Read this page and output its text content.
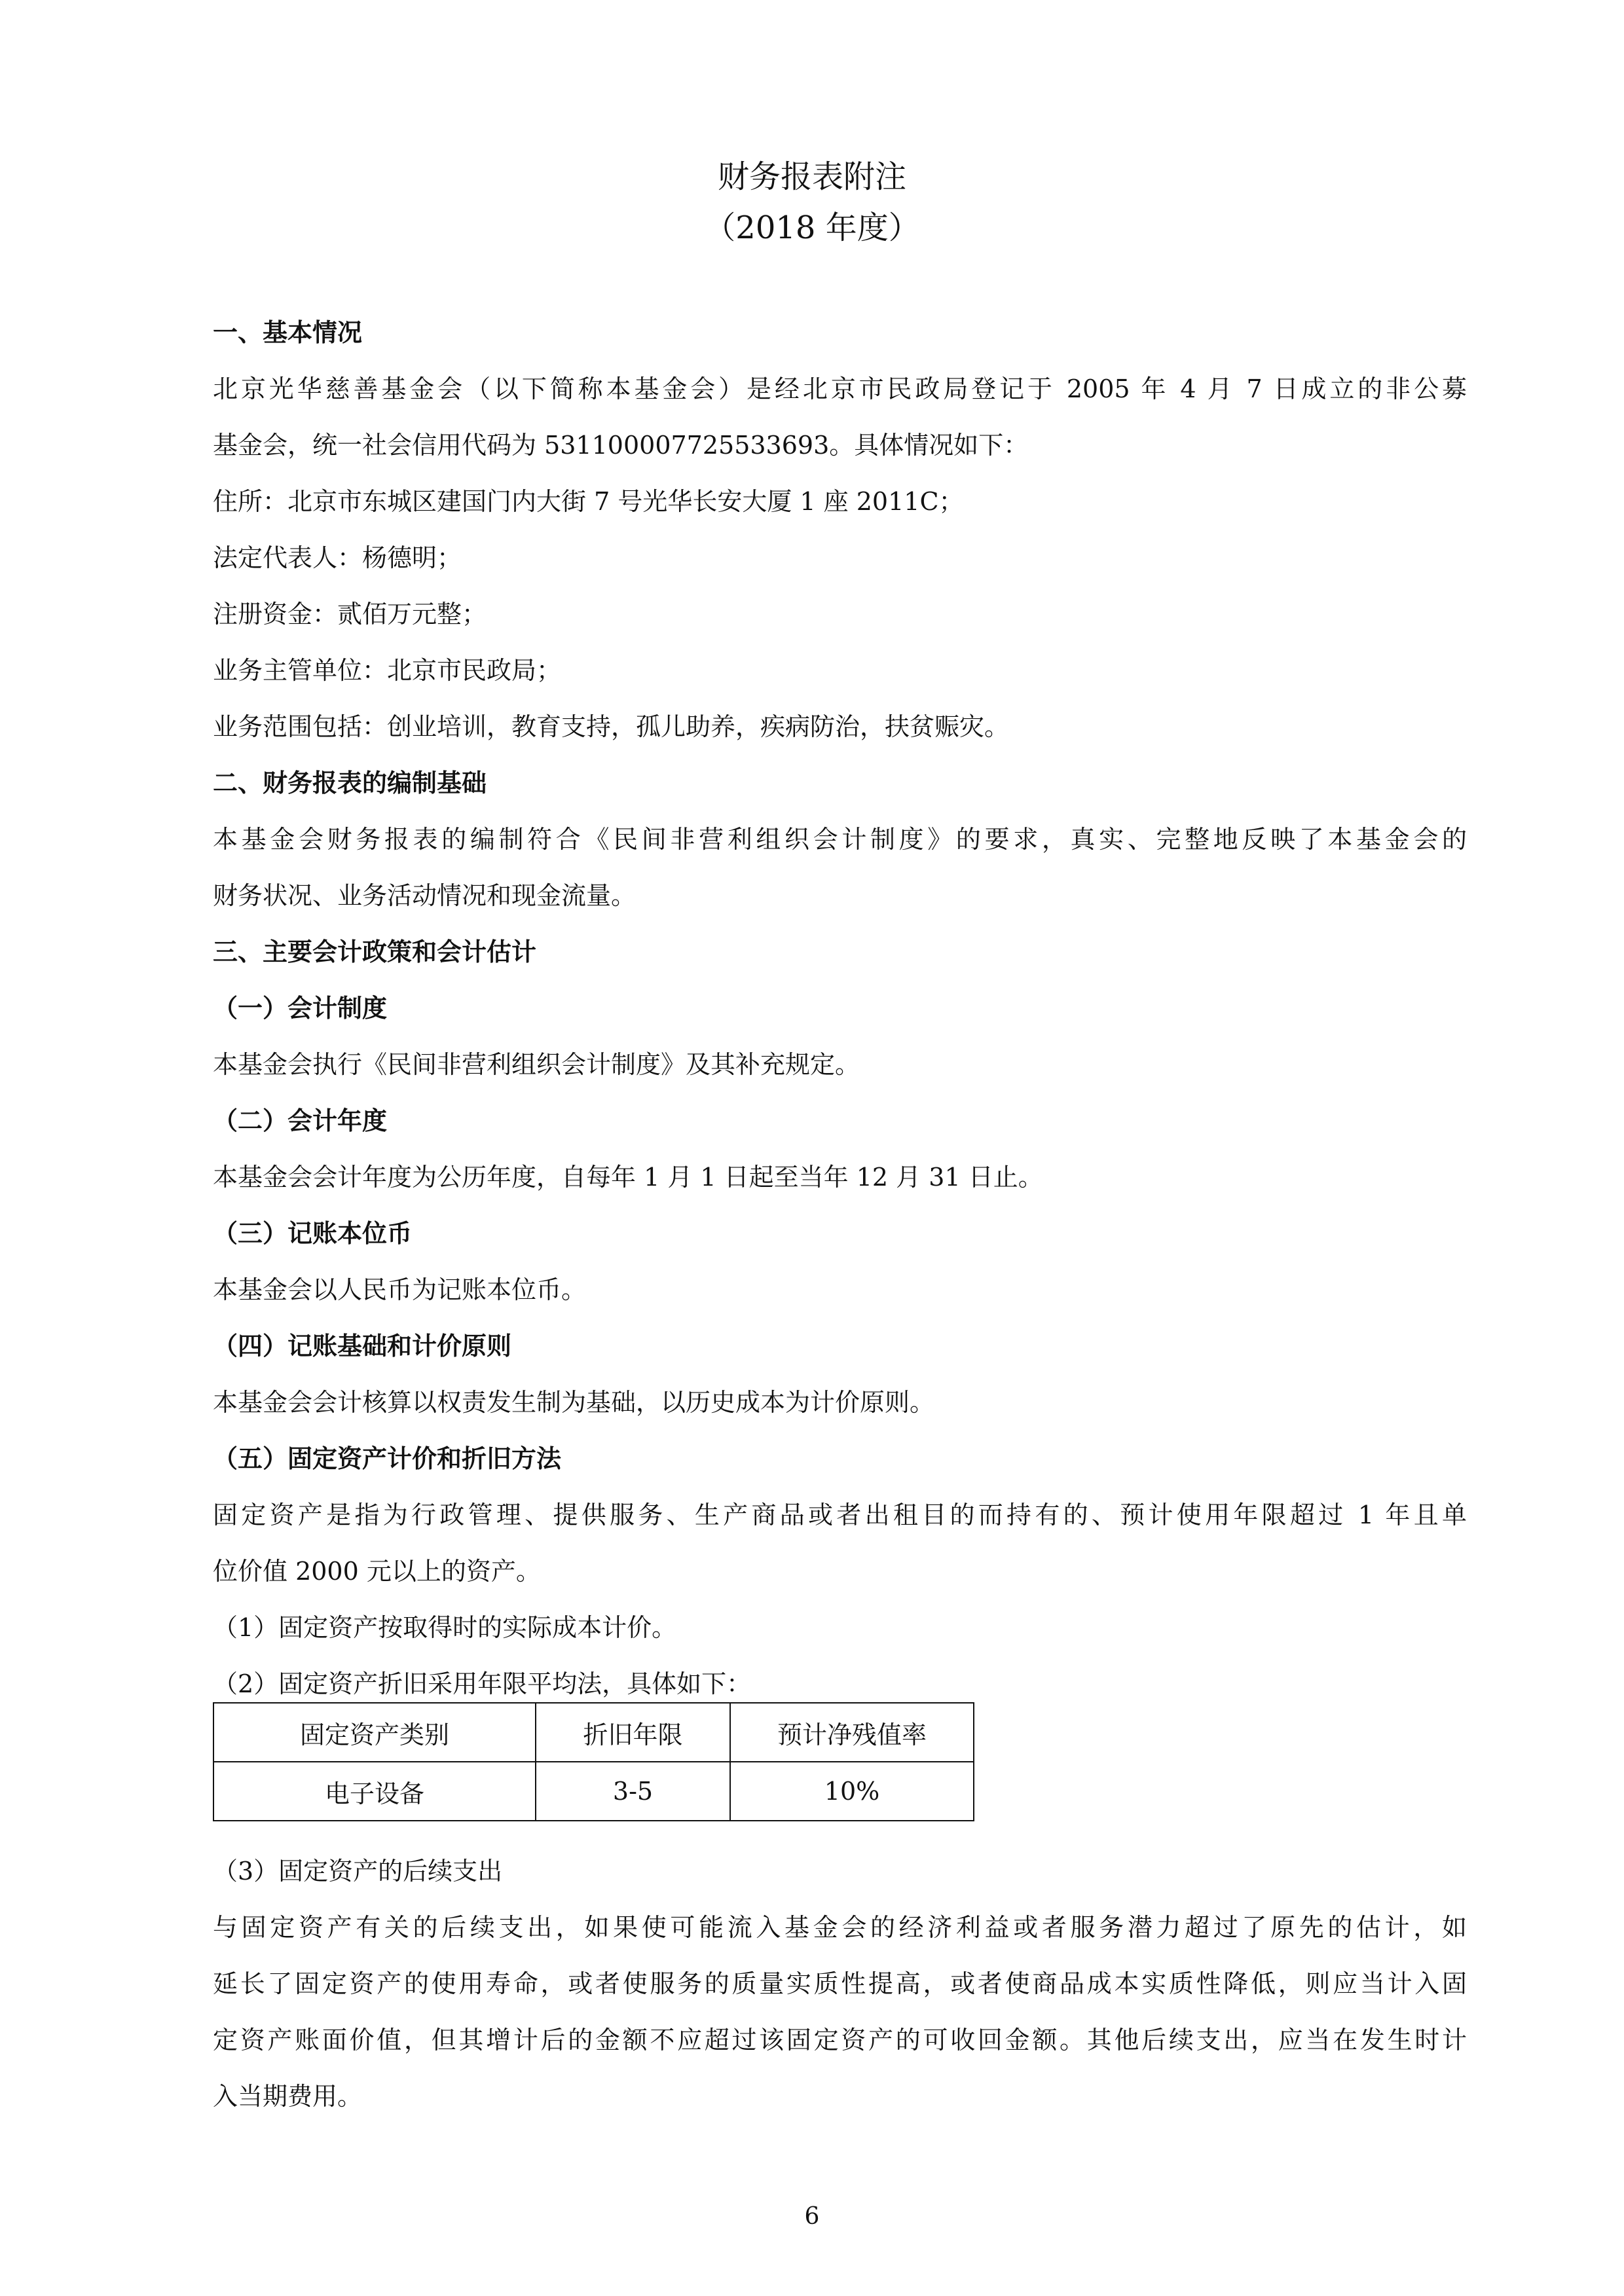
财务报表附注
（2018 年度）
一、基本情况
北京光华慈善基金会（以下简称本基金会）是经北京市民政局登记于 2005 年 4 月 7 日成立的非公募
基金会，统一社会信用代码为 531100007725533693。具体情况如下：
住所：北京市东城区建国门内大街 7 号光华长安大厦 1 座 2011C；
法定代表人：杨德明；
注册资金：贰佰万元整；
业务主管单位：北京市民政局；
业务范围包括：创业培训，教育支持，孤儿助养，疾病防治，扶贫赈灾。
二、财务报表的编制基础
本基金会财务报表的编制符合《民间非营利组织会计制度》的要求，真实、完整地反映了本基金会的
财务状况、业务活动情况和现金流量。
三、主要会计政策和会计估计
（一）会计制度
本基金会执行《民间非营利组织会计制度》及其补充规定。
（二）会计年度
本基金会会计年度为公历年度，自每年 1 月 1 日起至当年 12 月 31 日止。
（三）记账本位币
本基金会以人民币为记账本位币。
（四）记账基础和计价原则
本基金会会计核算以权责发生制为基础，以历史成本为计价原则。
（五）固定资产计价和折旧方法
固定资产是指为行政管理、提供服务、生产商品或者出租目的而持有的、预计使用年限超过 1 年且单
位价值 2000 元以上的资产。
（1）固定资产按取得时的实际成本计价。
（2）固定资产折旧采用年限平均法，具体如下：
固定资产类别	折旧年限	预计净残值率
电子设备	3-5	10%
（3）固定资产的后续支出
与固定资产有关的后续支出，如果使可能流入基金会的经济利益或者服务潜力超过了原先的估计，如
延长了固定资产的使用寿命，或者使服务的质量实质性提高，或者使商品成本实质性降低，则应当计入固
定资产账面价值，但其增计后的金额不应超过该固定资产的可收回金额。其他后续支出，应当在发生时计
入当期费用。
6
